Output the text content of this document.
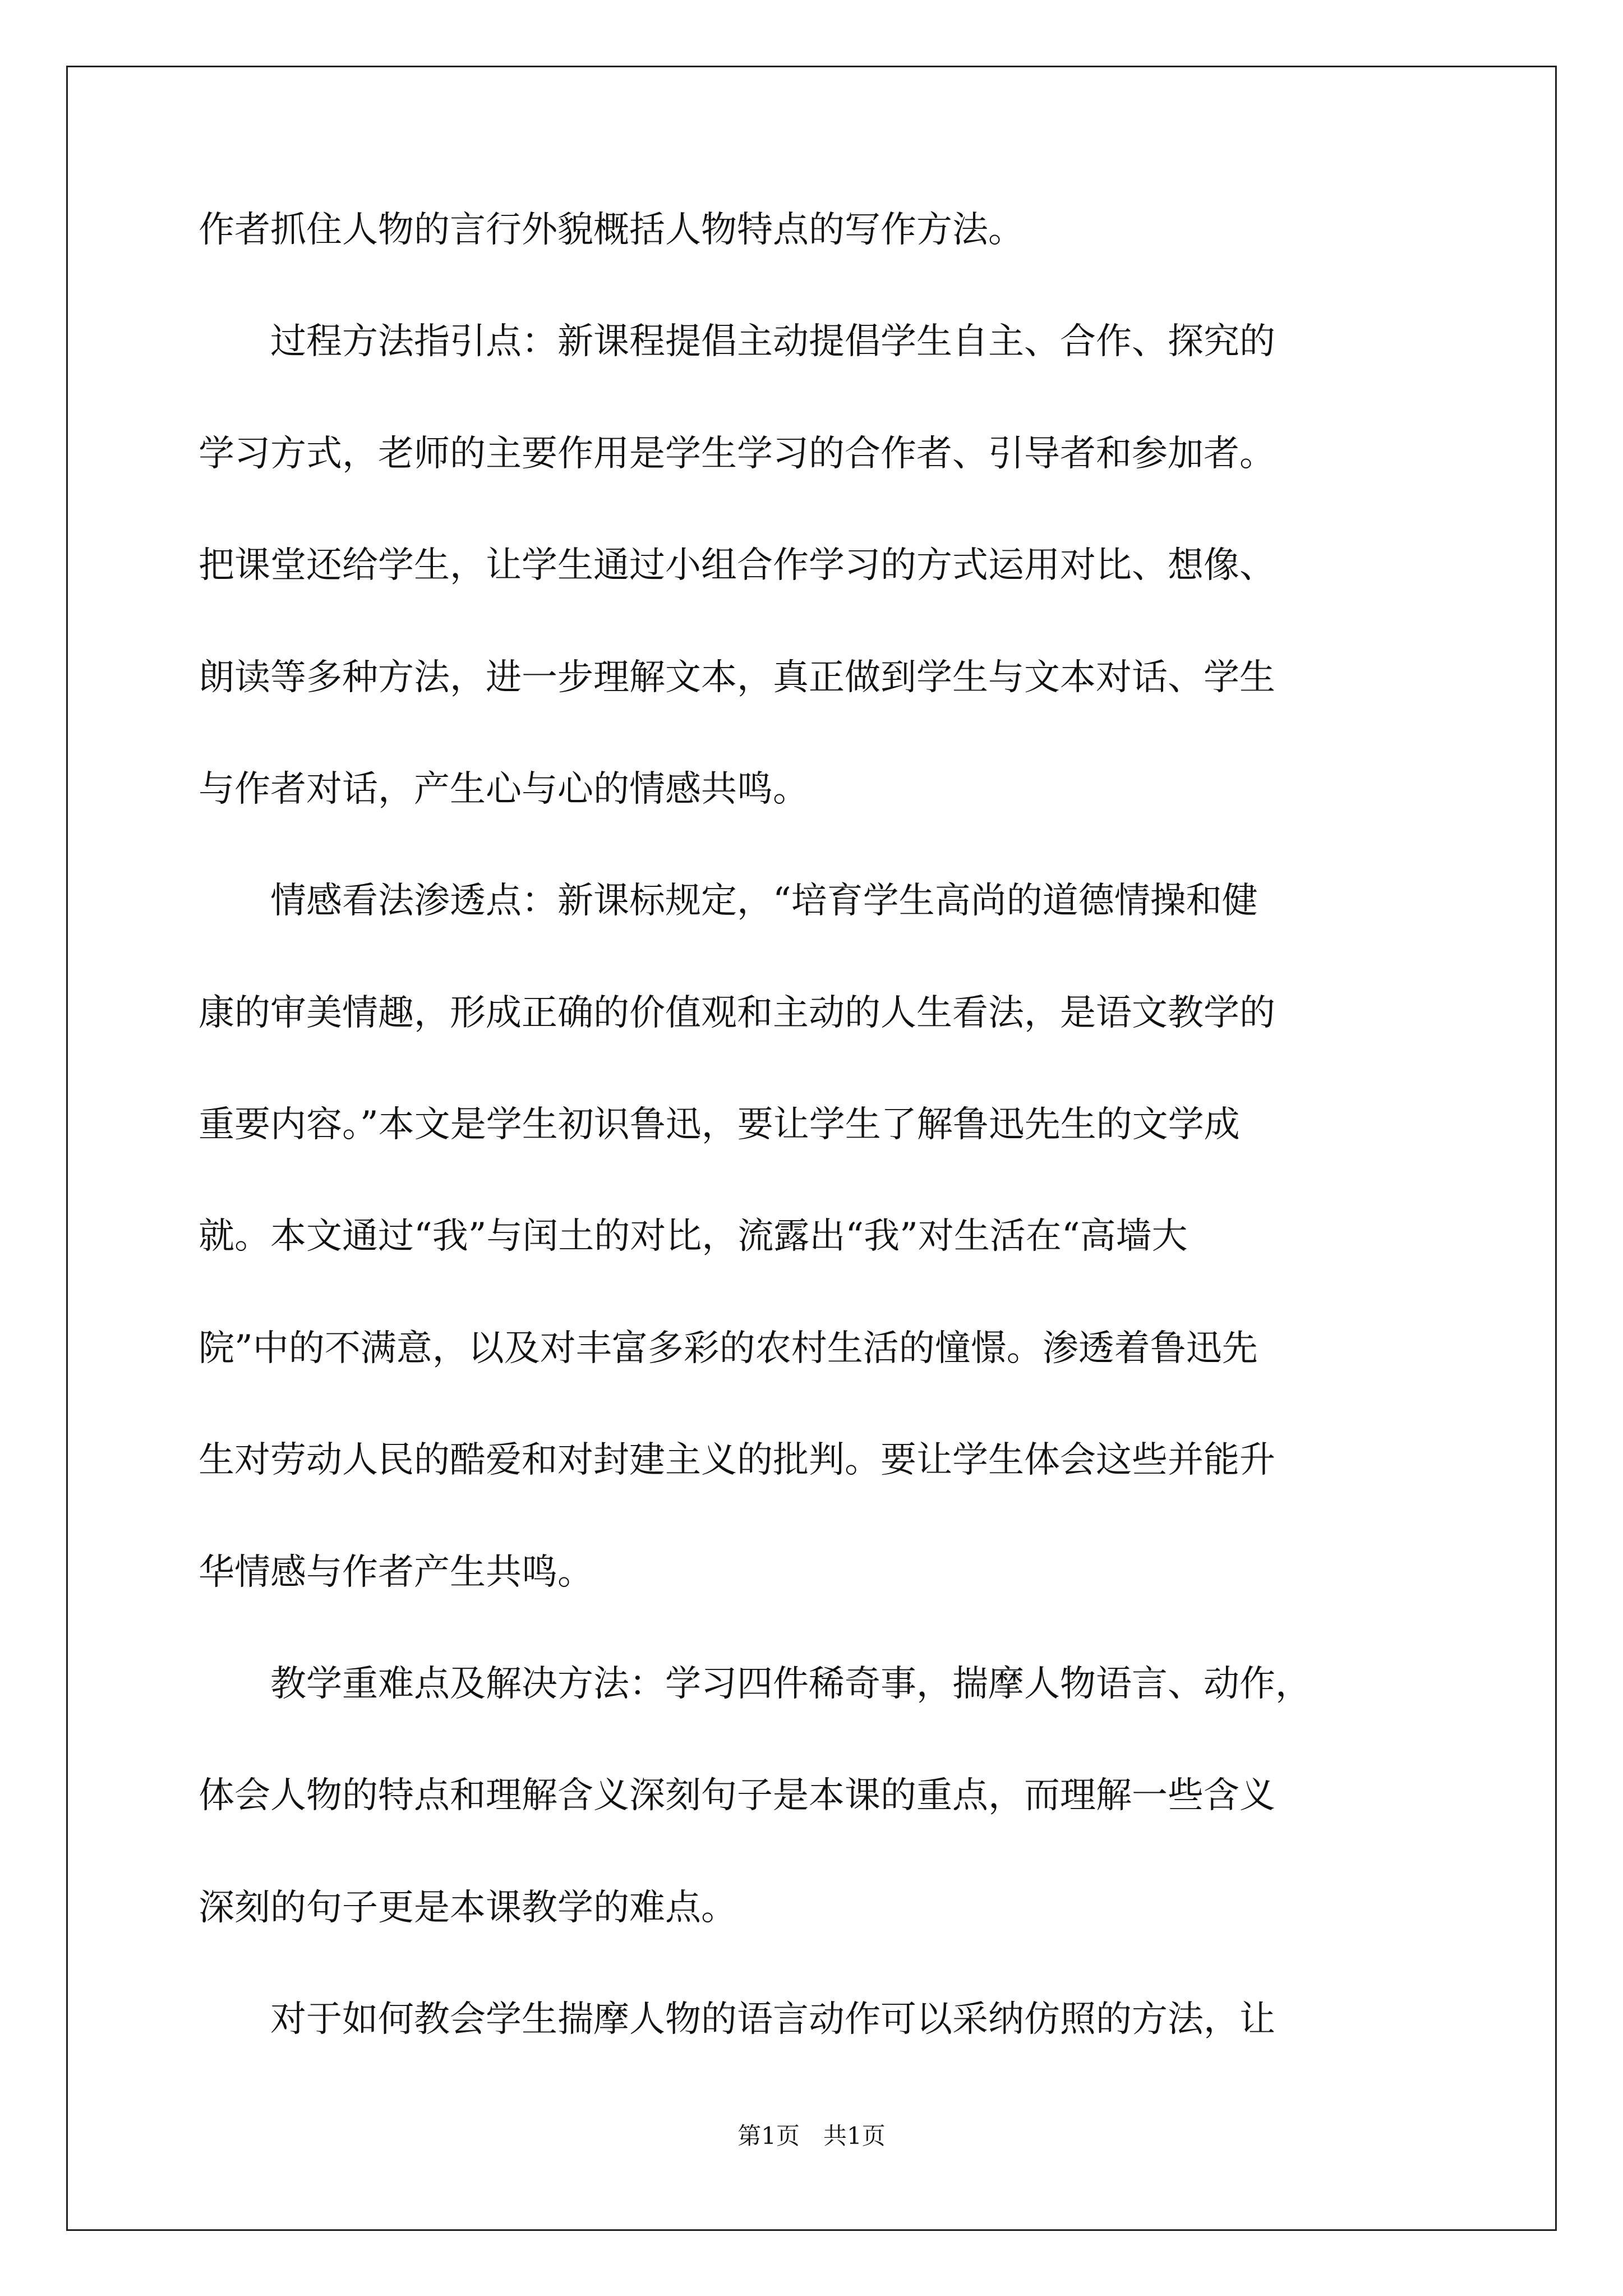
作者抓住人物的言行外貌概括人物特点的写作方法。
　　过程方法指引点：新课程提倡主动提倡学生自主、合作、探究的
学习方式，老师的主要作用是学生学习的合作者、引导者和参加者。
把课堂还给学生，让学生通过小组合作学习的方式运用对比、想像、
朗读等多种方法，进一步理解文本，真正做到学生与文本对话、学生
与作者对话，产生心与心的情感共鸣。
　　情感看法渗透点：新课标规定，“培育学生高尚的道德情操和健
康的审美情趣，形成正确的价值观和主动的人生看法，是语文教学的
重要内容。”本文是学生初识鲁迅，要让学生了解鲁迅先生的文学成
就。本文通过“我”与闰土的对比，流露出“我”对生活在“高墙大
院”中的不满意，以及对丰富多彩的农村生活的憧憬。渗透着鲁迅先
生对劳动人民的酷爱和对封建主义的批判。要让学生体会这些并能升
华情感与作者产生共鸣。
　　教学重难点及解决方法：学习四件稀奇事，揣摩人物语言、动作，
体会人物的特点和理解含义深刻句子是本课的重点，而理解一些含义
深刻的句子更是本课教学的难点。
第1页　共1页
　　对于如何教会学生揣摩人物的语言动作可以采纳仿照的方法，让
